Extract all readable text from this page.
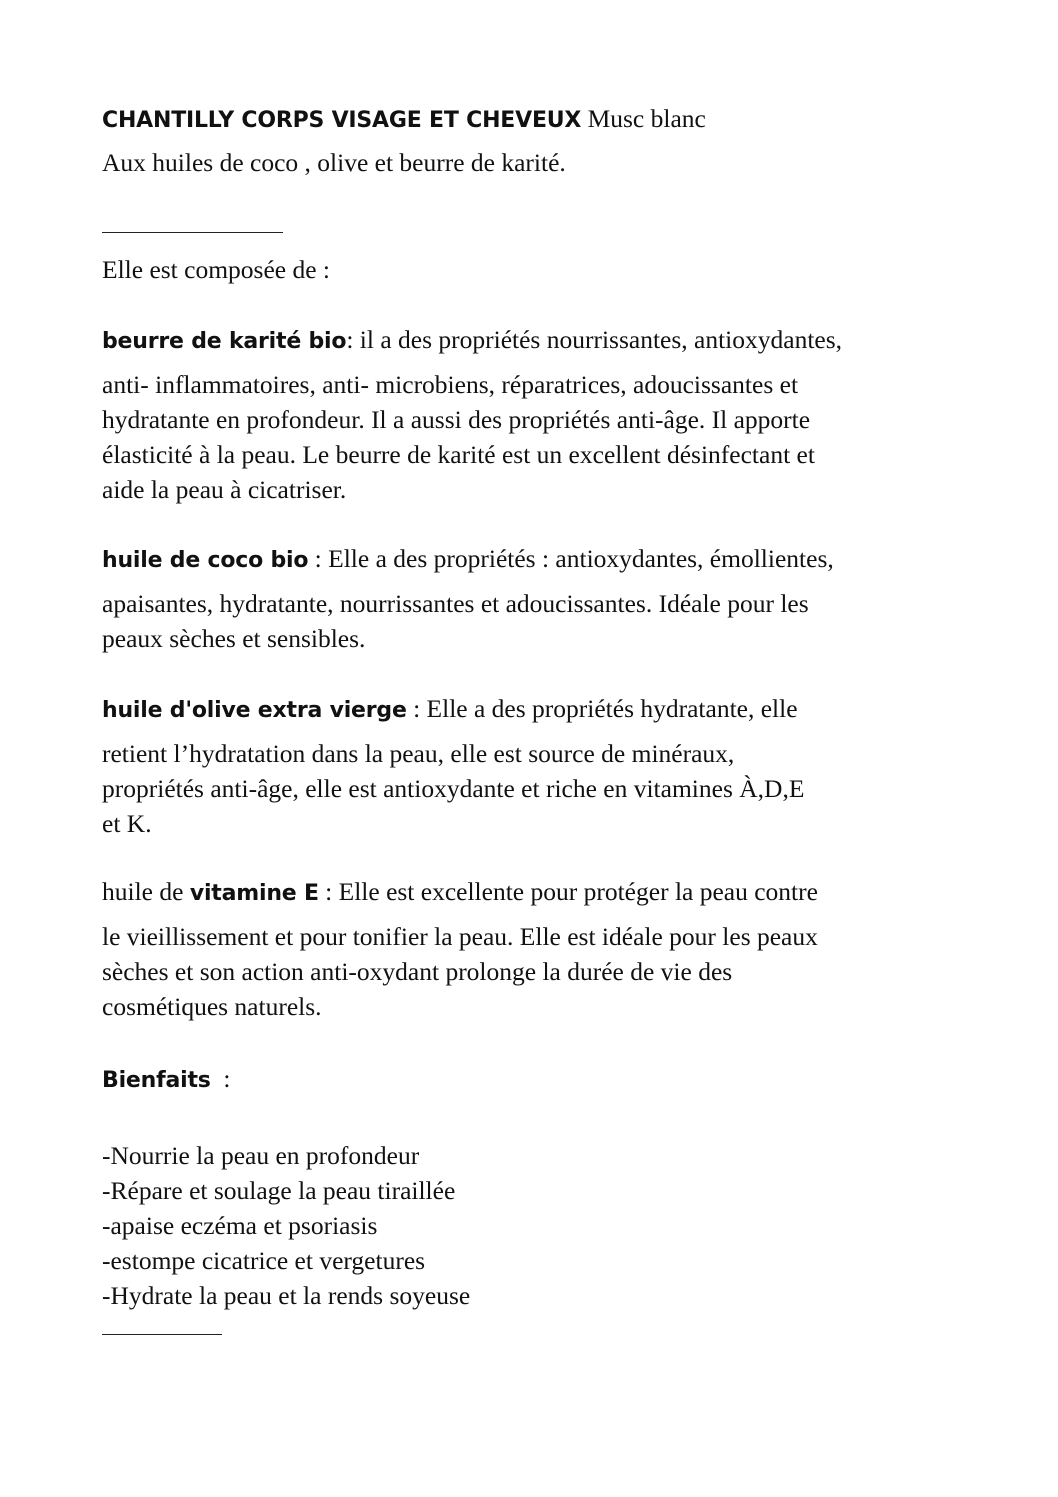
CHANTILLY CORPS VISAGE ET CHEVEUX Musc blanc

Aux huiles de coco , olive et beurre de karité.

Elle est composée de :

beurre de karité bio: il a des propriétés nourrissantes, antioxydantes,
anti- inflammatoires, anti- microbiens, réparatrices, adoucissantes et
hydratante en profondeur. Il a aussi des propriétés anti-âge. Il apporte
élasticité à la peau. Le beurre de karité est un excellent désinfectant et
aide la peau à cicatriser.
huile de coco bio : Elle a des propriétés : antioxydantes, émollientes,
apaisantes, hydratante, nourrissantes et adoucissantes. Idéale pour les
peaux sèches et sensibles.
huile d'olive extra vierge : Elle a des propriétés hydratante, elle
retient l’hydratation dans la peau, elle est source de minéraux,
propriétés anti-âge, elle est antioxydante et riche en vitamines À,D,E
et K.
huile de vitamine E : Elle est excellente pour protéger la peau contre
le vieillissement et pour tonifier la peau. Elle est idéale pour les peaux
sèches et son action anti-oxydant prolonge la durée de vie des
cosmétiques naturels.

Bienfaits  :

-Nourrie la peau en profondeur
-Répare et soulage la peau tiraillée
-apaise eczéma et psoriasis
-estompe cicatrice et vergetures
-Hydrate la peau et la rends soyeuse
